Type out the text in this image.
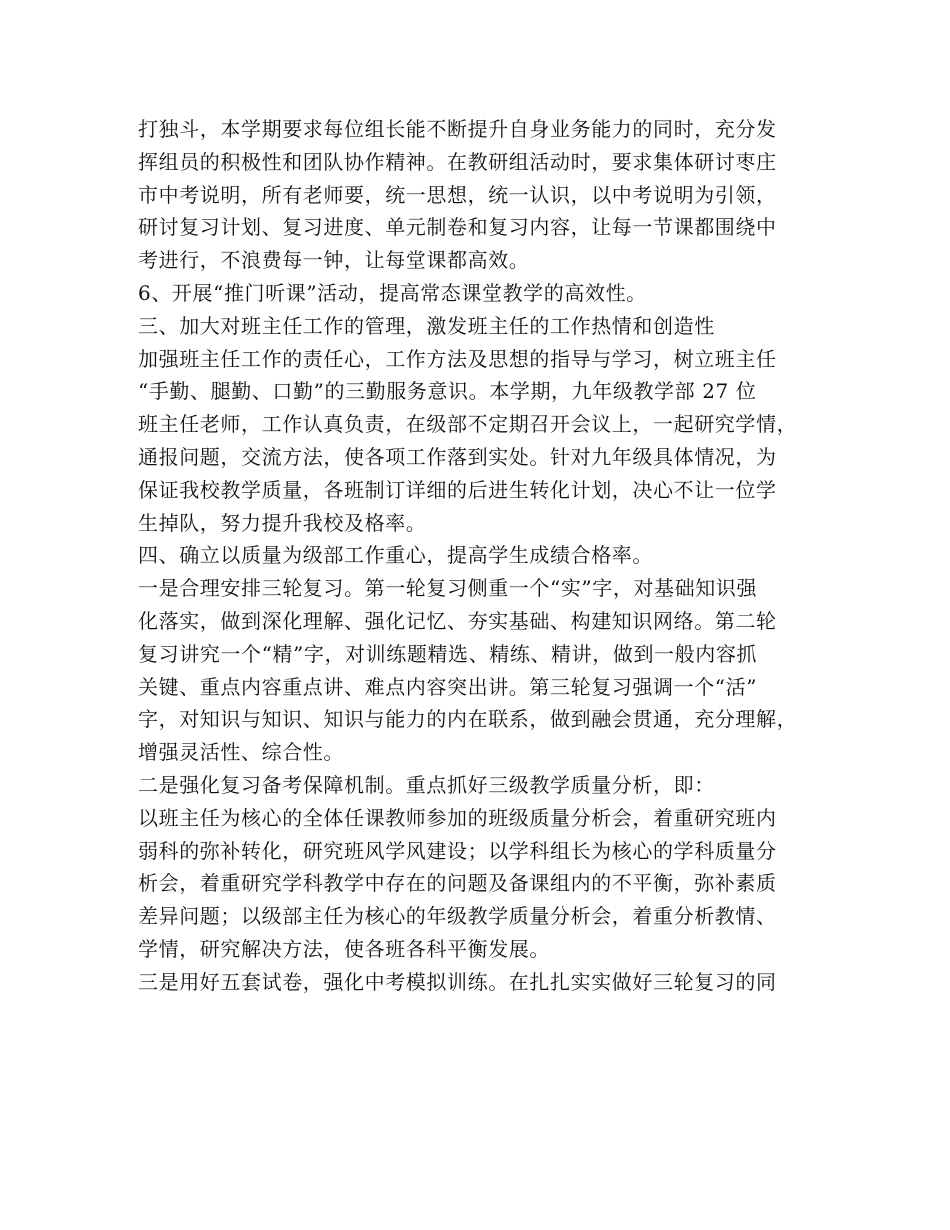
打独斗，本学期要求每位组长能不断提升自身业务能力的同时，充分发
挥组员的积极性和团队协作精神。在教研组活动时，要求集体研讨枣庄
市中考说明，所有老师要，统一思想，统一认识，以中考说明为引领，
研讨复习计划、复习进度、单元制卷和复习内容，让每一节课都围绕中
考进行，不浪费每一钟，让每堂课都高效。
6、开展“推门听课”活动，提高常态课堂教学的高效性。
三、加大对班主任工作的管理，激发班主任的工作热情和创造性
加强班主任工作的责任心，工作方法及思想的指导与学习，树立班主任
“手勤、腿勤、口勤”的三勤服务意识。本学期，九年级教学部 27 位
班主任老师，工作认真负责，在级部不定期召开会议上，一起研究学情，
通报问题，交流方法，使各项工作落到实处。针对九年级具体情况，为
保证我校教学质量，各班制订详细的后进生转化计划，决心不让一位学
生掉队，努力提升我校及格率。
四、确立以质量为级部工作重心，提高学生成绩合格率。
一是合理安排三轮复习。第一轮复习侧重一个“实”字，对基础知识强
化落实，做到深化理解、强化记忆、夯实基础、构建知识网络。第二轮
复习讲究一个“精”字，对训练题精选、精练、精讲，做到一般内容抓
关键、重点内容重点讲、难点内容突出讲。第三轮复习强调一个“活”
字，对知识与知识、知识与能力的内在联系，做到融会贯通，充分理解，
增强灵活性、综合性。
二是强化复习备考保障机制。重点抓好三级教学质量分析，即：
以班主任为核心的全体任课教师参加的班级质量分析会，着重研究班内
弱科的弥补转化，研究班风学风建设；以学科组长为核心的学科质量分
析会，着重研究学科教学中存在的问题及备课组内的不平衡，弥补素质
差异问题；以级部主任为核心的年级教学质量分析会，着重分析教情、
学情，研究解决方法，使各班各科平衡发展。
三是用好五套试卷，强化中考模拟训练。在扎扎实实做好三轮复习的同
